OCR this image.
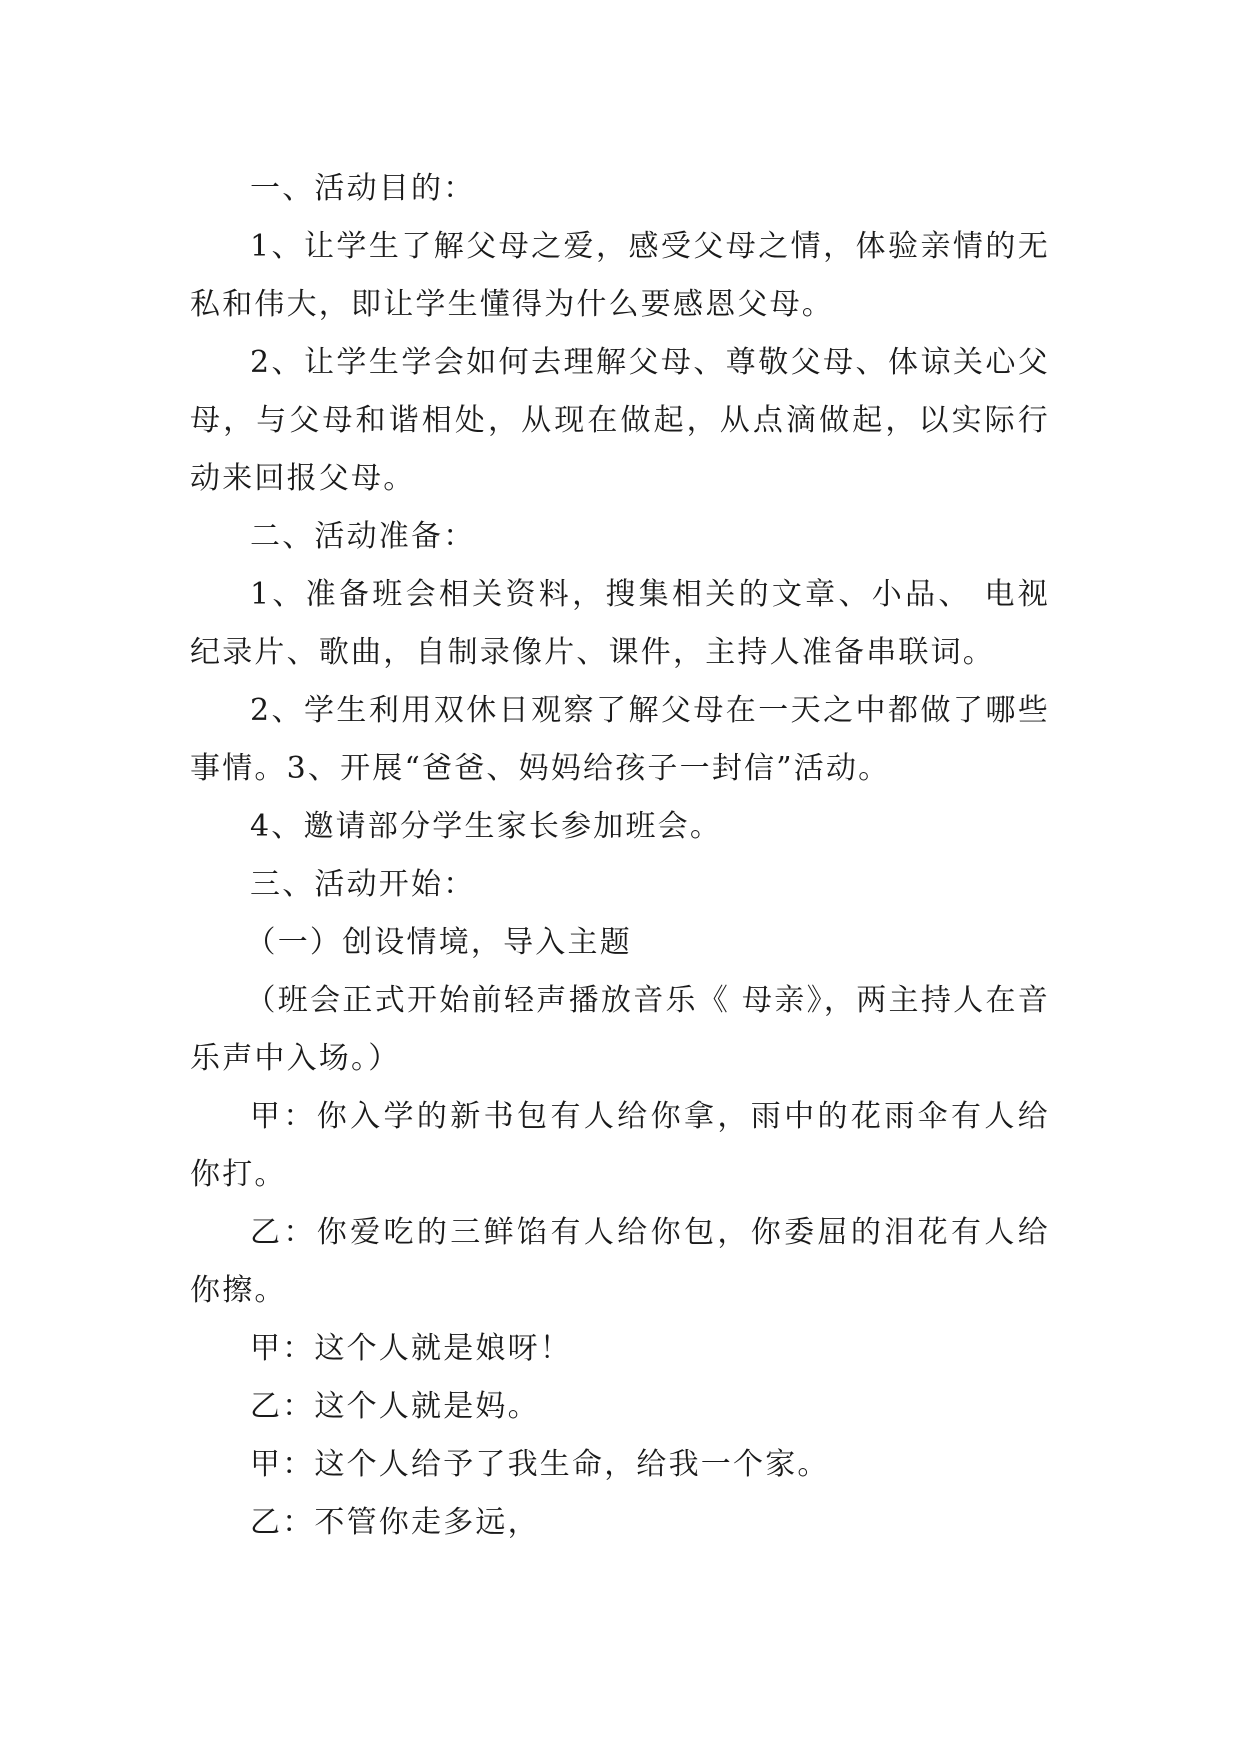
一、活动目的：

1、让学生了解父母之爱，感受父母之情，体验亲情的无私和伟大，即让学生懂得为什么要感恩父母。

2、让学生学会如何去理解父母、尊敬父母、体谅关心父母，与父母和谐相处，从现在做起，从点滴做起，以实际行动来回报父母。

二、活动准备：

1、准备班会相关资料，搜集相关的文章、小品、 电视纪录片、歌曲，自制录像片、课件，主持人准备串联词。

2、学生利用双休日观察了解父母在一天之中都做了哪些事情。3、开展“爸爸、妈妈给孩子一封信”活动。

4、邀请部分学生家长参加班会。

三、活动开始：

（一）创设情境，导入主题

（班会正式开始前轻声播放音乐《 母亲》，两主持人在音乐声中入场。）

甲：你入学的新书包有人给你拿，雨中的花雨伞有人给你打。

乙：你爱吃的三鲜馅有人给你包，你委屈的泪花有人给你擦。

甲：这个人就是娘呀！

乙：这个人就是妈。

甲：这个人给予了我生命，给我一个家。

乙：不管你走多远，
